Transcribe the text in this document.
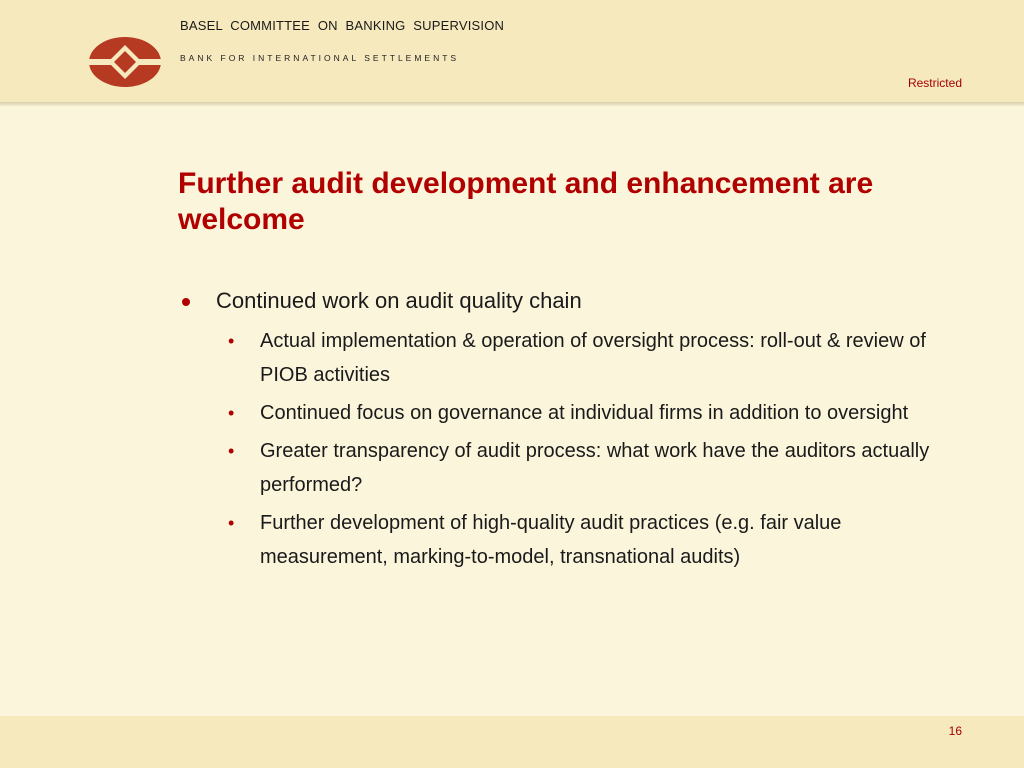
BASEL COMMITTEE ON BANKING SUPERVISION
BANK FOR INTERNATIONAL SETTLEMENTS
Restricted
Further audit development and enhancement are welcome
Continued work on audit quality chain
• Actual implementation & operation of oversight process: roll-out & review of PIOB activities
• Continued focus on governance at individual firms in addition to oversight
• Greater transparency of audit process: what work have the auditors actually performed?
• Further development of high-quality audit practices (e.g. fair value measurement, marking-to-model, transnational audits)
16
